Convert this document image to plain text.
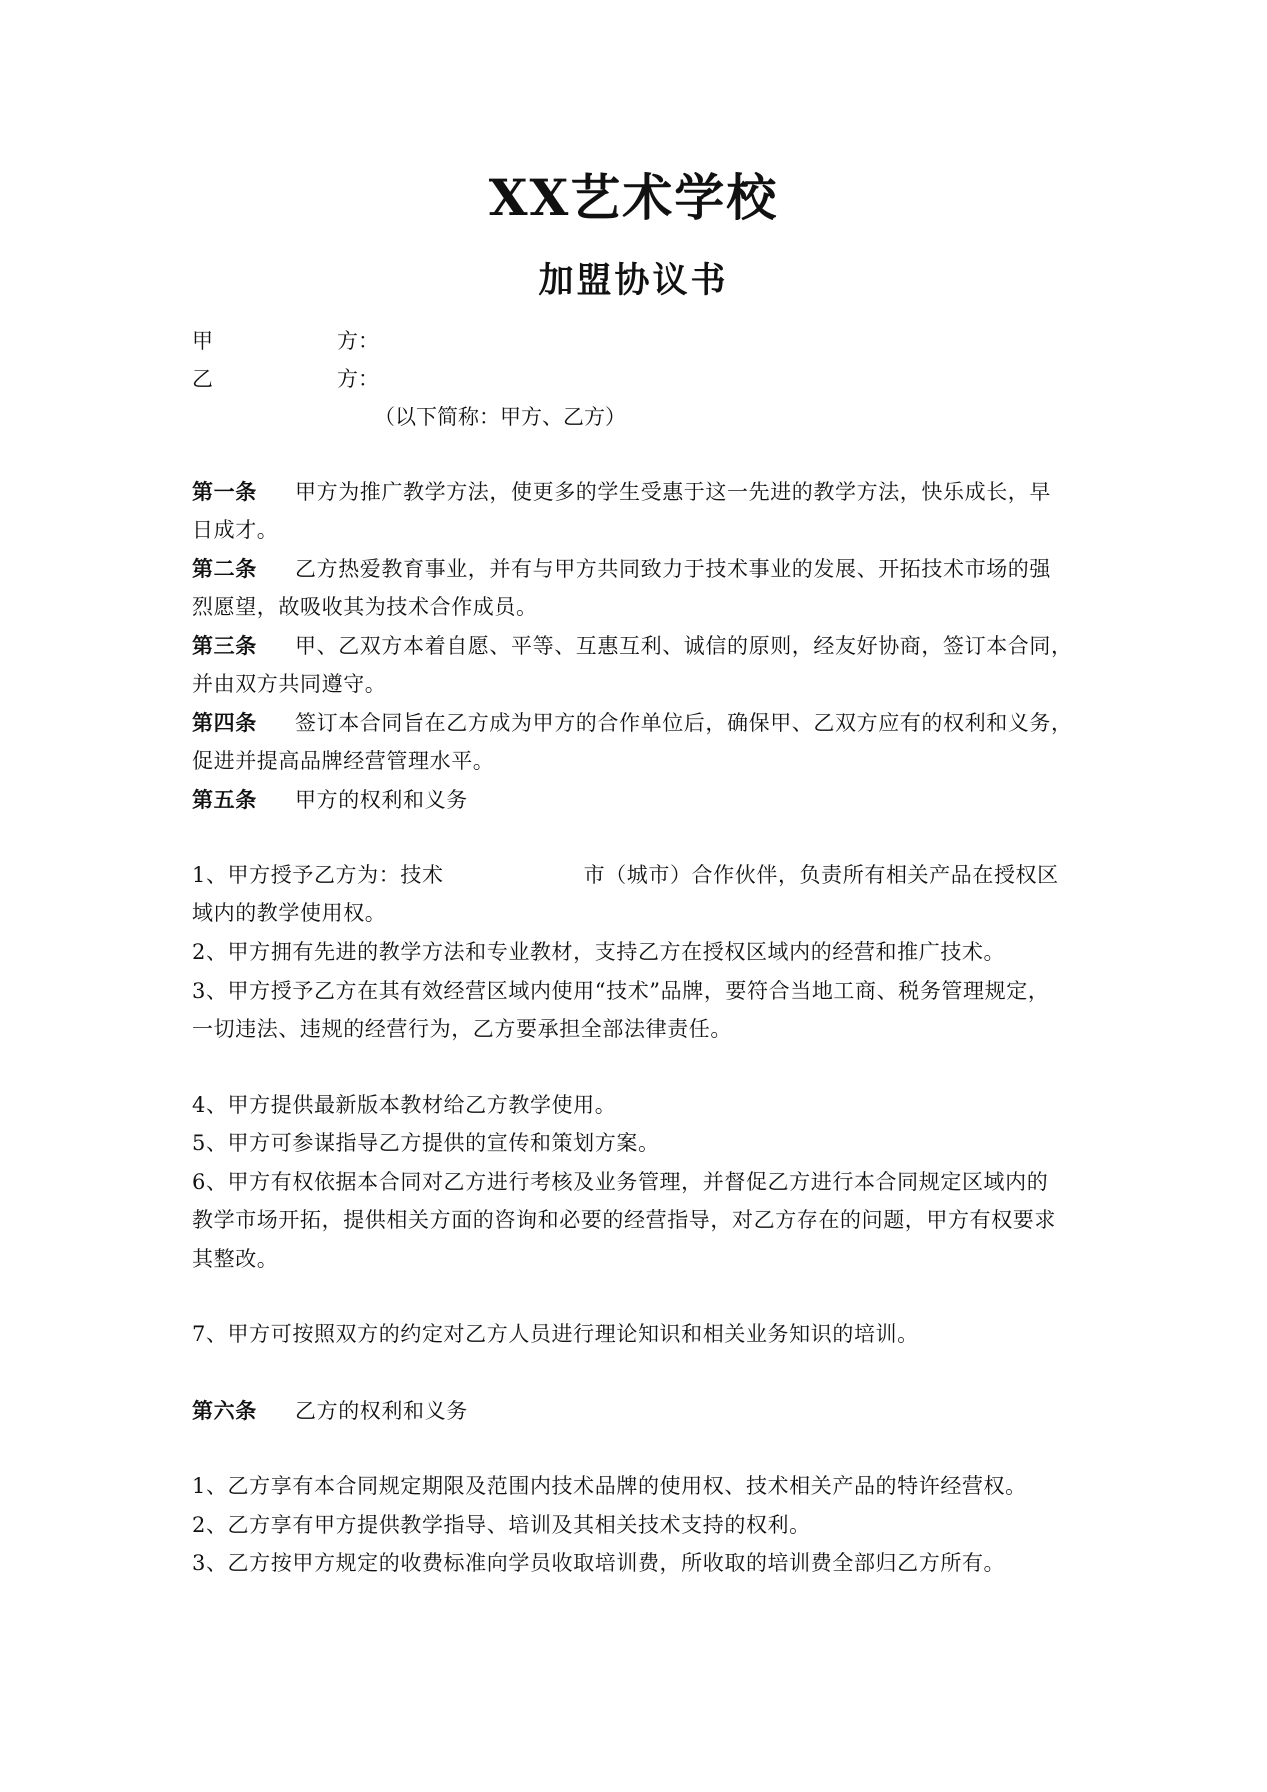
XX艺术学校
加盟协议书
甲	方：
乙	方：
（以下简称：甲方、乙方）
第一条 甲方为推广教学方法，使更多的学生受惠于这一先进的教学方法，快乐成长，早
日成才。
第二条 乙方热爱教育事业，并有与甲方共同致力于技术事业的发展、开拓技术市场的强
烈愿望，故吸收其为技术合作成员。
第三条 甲、乙双方本着自愿、平等、互惠互利、诚信的原则，经友好协商，签订本合同，
并由双方共同遵守。
第四条 签订本合同旨在乙方成为甲方的合作单位后，确保甲、乙双方应有的权利和义务，
促进并提高品牌经营管理水平。
第五条 甲方的权利和义务
1、甲方授予乙方为：技术	市（城市）合作伙伴，负责所有相关产品在授权区
域内的教学使用权。
2、甲方拥有先进的教学方法和专业教材，支持乙方在授权区域内的经营和推广技术。
3、甲方授予乙方在其有效经营区域内使用“技术”品牌，要符合当地工商、税务管理规定，
一切违法、违规的经营行为，乙方要承担全部法律责任。
4、甲方提供最新版本教材给乙方教学使用。
5、甲方可参谋指导乙方提供的宣传和策划方案。
6、甲方有权依据本合同对乙方进行考核及业务管理，并督促乙方进行本合同规定区域内的
教学市场开拓，提供相关方面的咨询和必要的经营指导，对乙方存在的问题，甲方有权要求
其整改。
7、甲方可按照双方的约定对乙方人员进行理论知识和相关业务知识的培训。
第六条 乙方的权利和义务
1、乙方享有本合同规定期限及范围内技术品牌的使用权、技术相关产品的特许经营权。
2、乙方享有甲方提供教学指导、培训及其相关技术支持的权利。
3、乙方按甲方规定的收费标准向学员收取培训费，所收取的培训费全部归乙方所有。
